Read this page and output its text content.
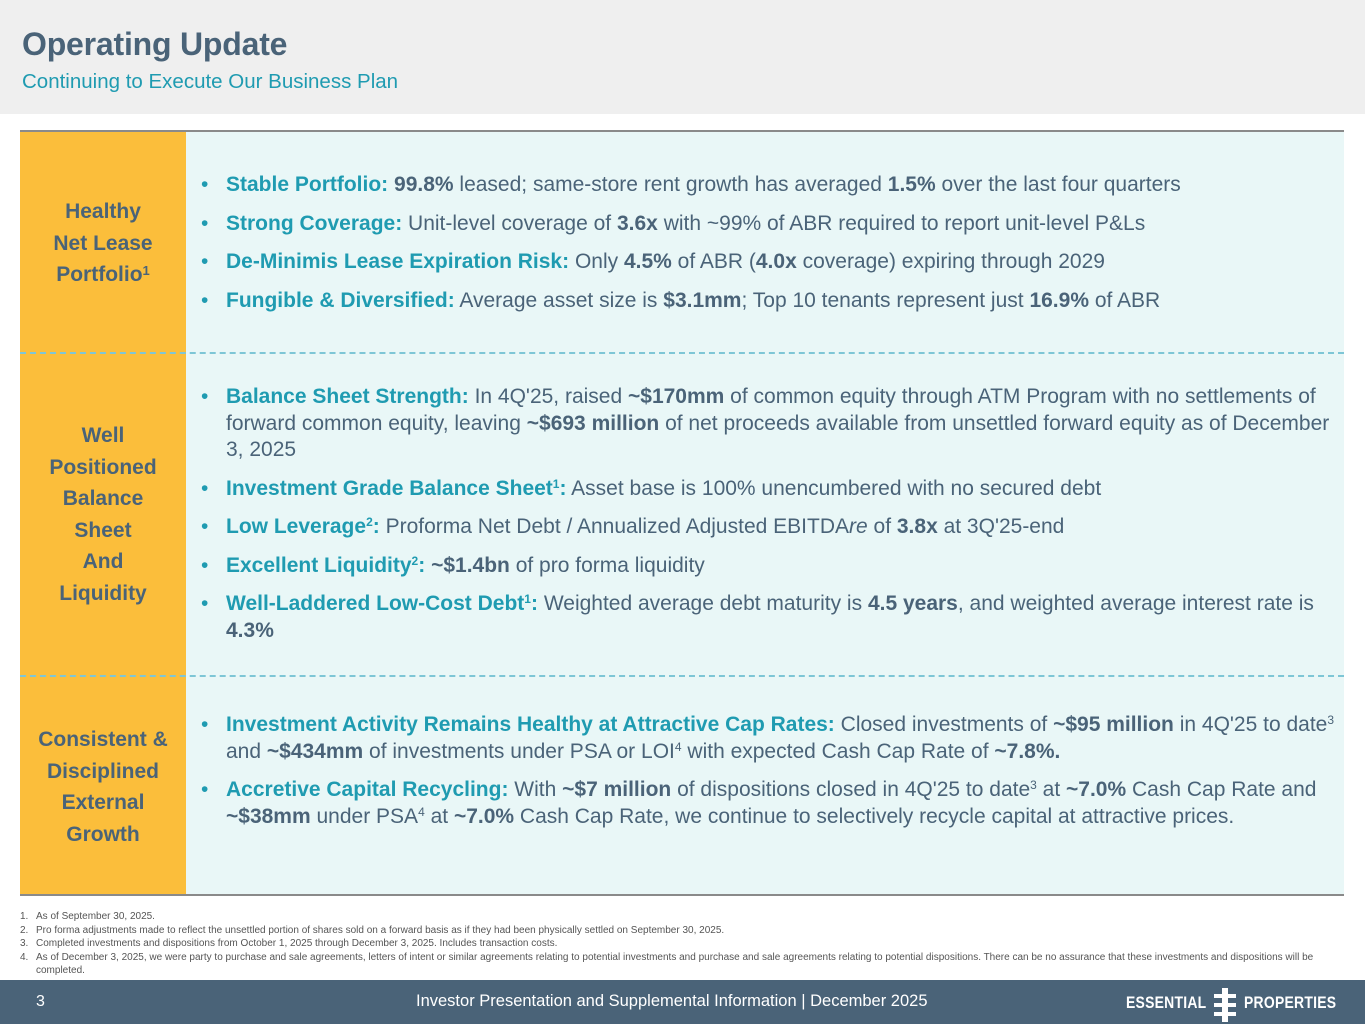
Operating Update
Continuing to Execute Our Business Plan
Healthy
Net Lease
Portfolio$^1$
Well
Positioned
Balance
Sheet
And
Liquidity
Consistent &
Disciplined
External
Growth
• Stable Portfolio: 99.8% leased; same-store rent growth has averaged 1.5% over the last four quarters
• Strong Coverage: Unit-level coverage of 3.6x with ~99% of ABR required to report unit-level P&Ls
• De-Minimis Lease Expiration Risk: Only 4.5% of ABR (4.0x coverage) expiring through 2029
• Fungible & Diversified: Average asset size is $3.1mm; Top 10 tenants represent just 16.9% of ABR
• Balance Sheet Strength: In 4Q'25, raised ~$170mm of common equity through ATM Program with no settlements of forward common equity, leaving ~$693 million of net proceeds available from unsettled forward equity as of December 3, 2025
• Investment Grade Balance Sheet$^1$: Asset base is 100% unencumbered with no secured debt
• Low Leverage$^2$: Proforma Net Debt / Annualized Adjusted EBITDAre of 3.8x at 3Q'25-end
• Excellent Liquidity$^2$: ~$1.4bn of pro forma liquidity
• Well-Laddered Low-Cost Debt$^1$: Weighted average debt maturity is 4.5 years, and weighted average interest rate is 4.3%
• Investment Activity Remains Healthy at Attractive Cap Rates: Closed investments of ~$95 million in 4Q'25 to date$^3$ and ~$434mm of investments under PSA or LOI$^4$ with expected Cash Cap Rate of ~7.8%.
• Accretive Capital Recycling: With ~$7 million of dispositions closed in 4Q'25 to date$^3$ at ~7.0% Cash Cap Rate and ~$38mm under PSA$^4$ at ~7.0% Cash Cap Rate, we continue to selectively recycle capital at attractive prices.
1. As of September 30, 2025.
2. Pro forma adjustments made to reflect the unsettled portion of shares sold on a forward basis as if they had been physically settled on September 30, 2025.
3. Completed investments and dispositions from October 1, 2025 through December 3, 2025. Includes transaction costs.
4. As of December 3, 2025, we were party to purchase and sale agreements, letters of intent or similar agreements relating to potential investments and purchase and sale agreements relating to potential dispositions. There can be no assurance that these investments and dispositions will be completed.
3	Investor Presentation and Supplemental Information | December 2025	ESSENTIAL PROPERTIES
